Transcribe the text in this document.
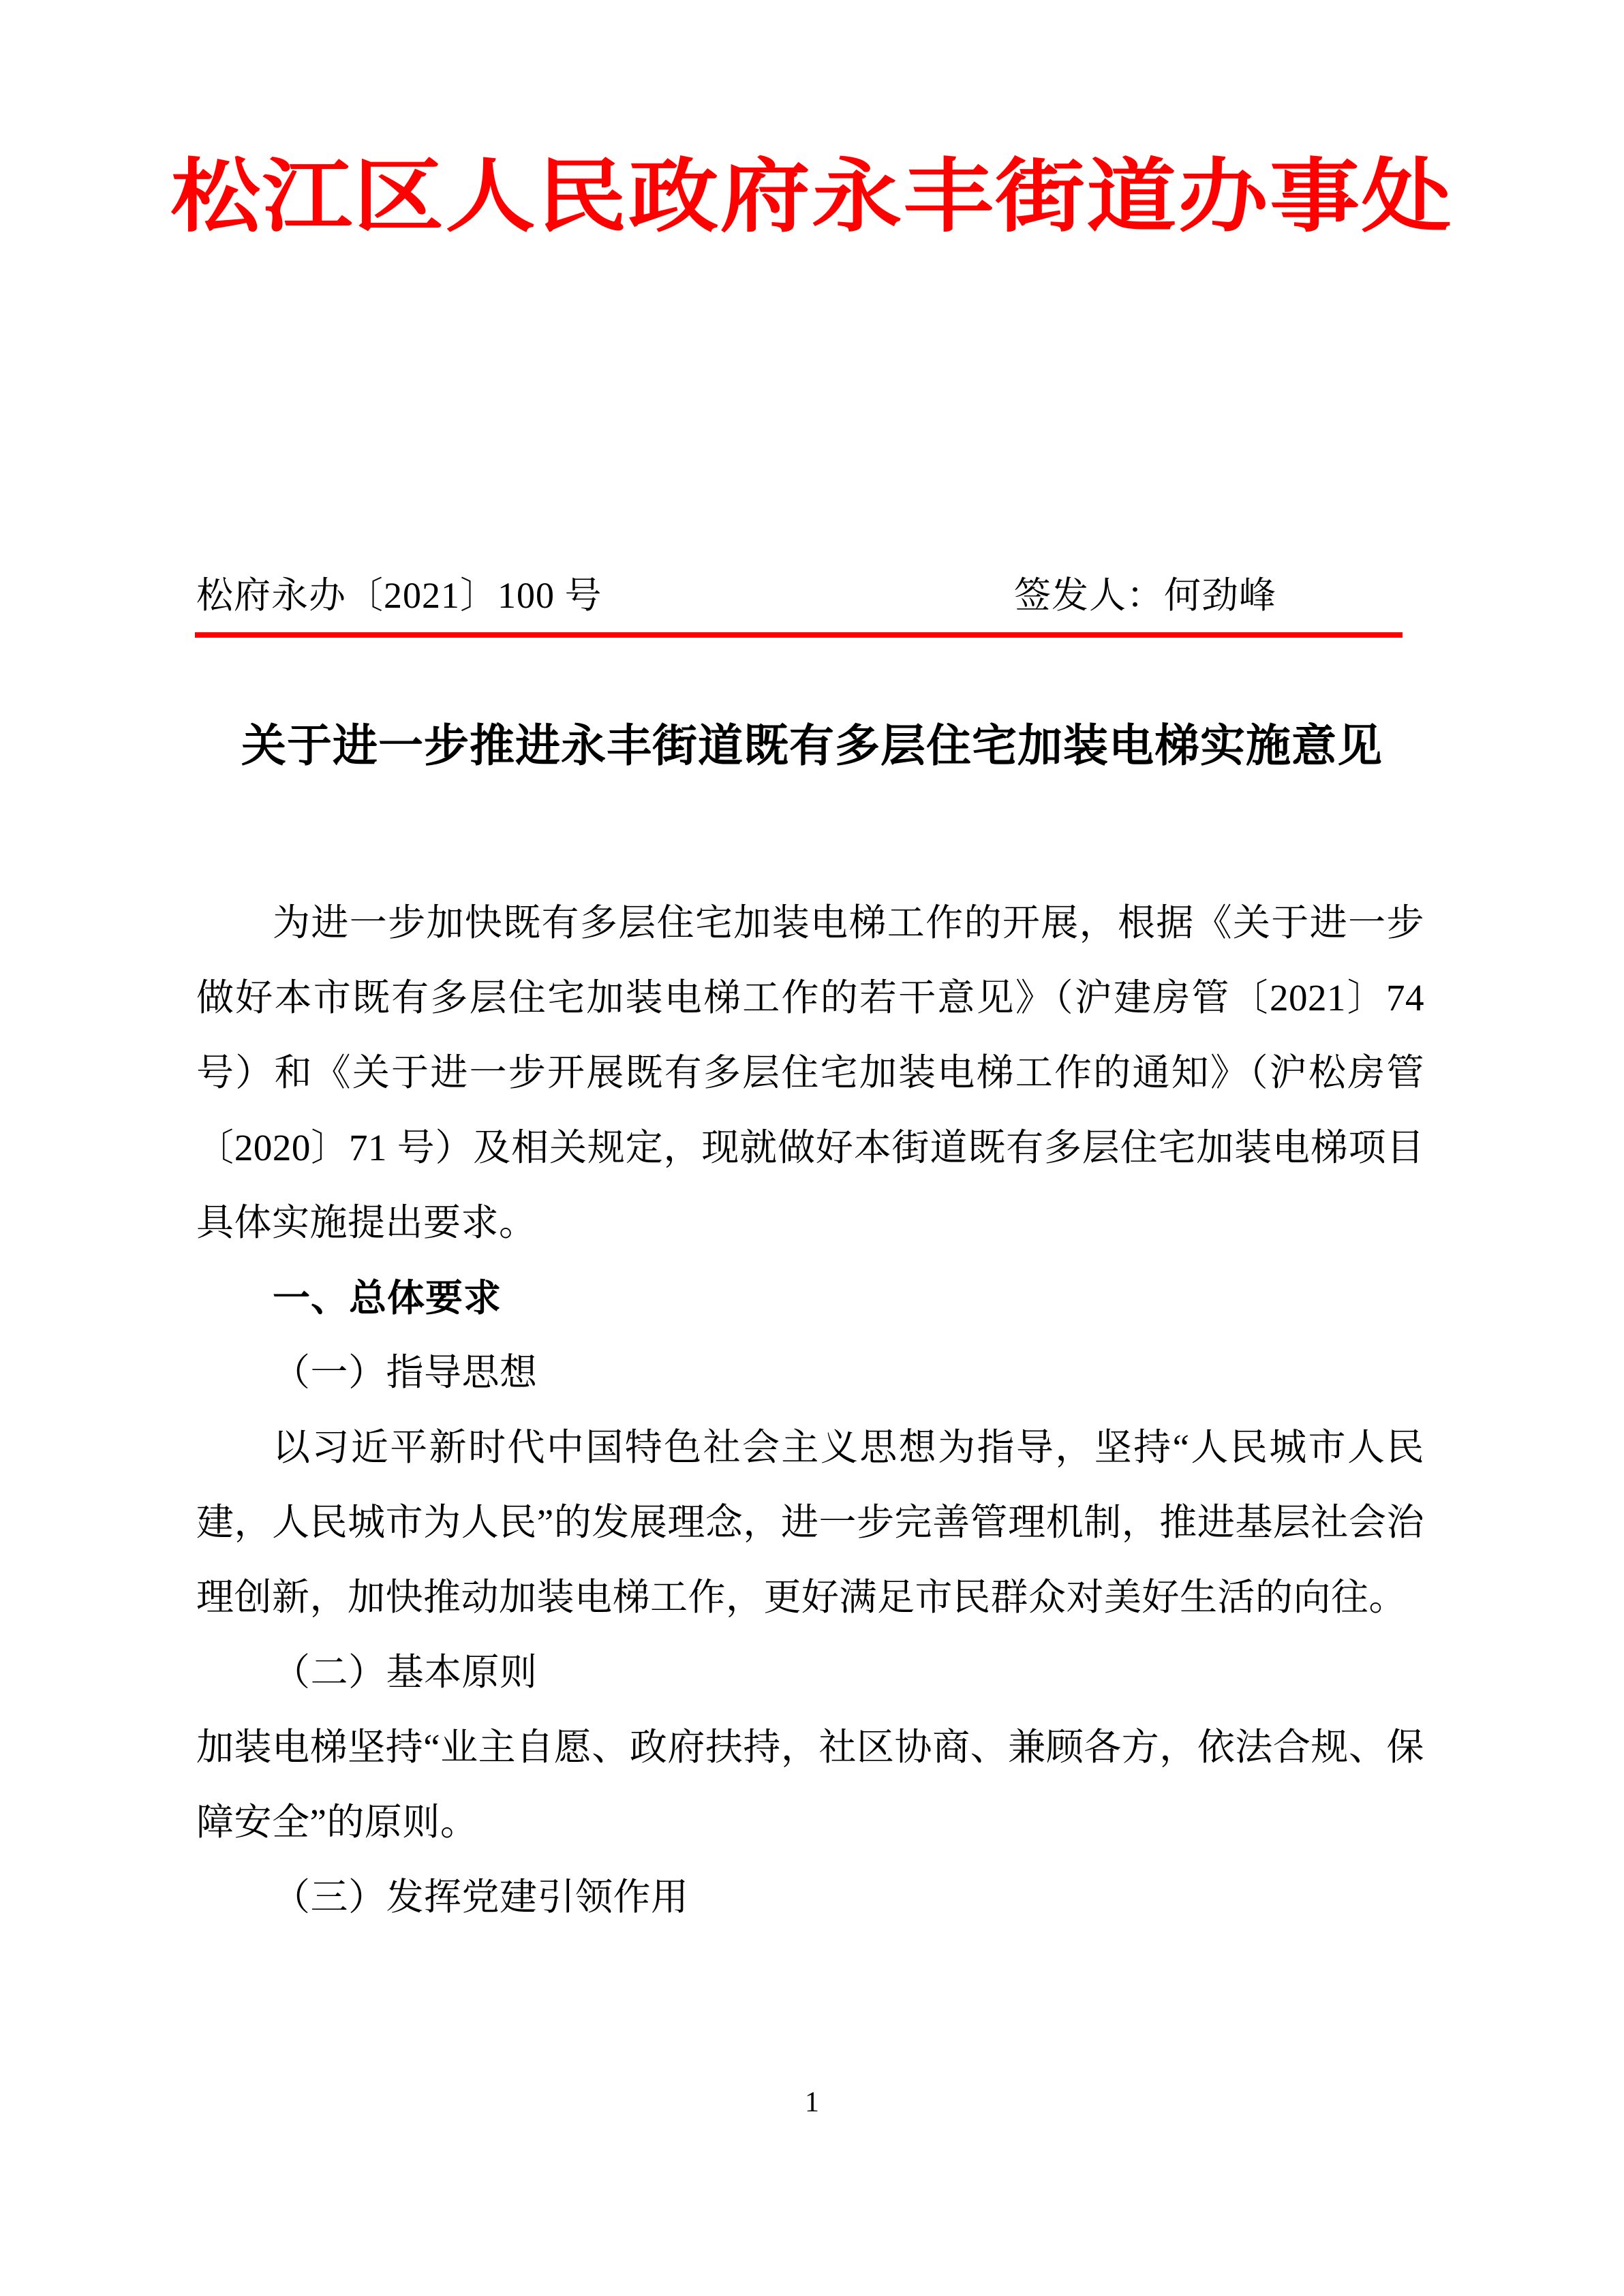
松江区人民政府永丰街道办事处
松府永办〔2021〕100 号	签发人：何劲峰
关于进一步推进永丰街道既有多层住宅加装电梯实施意见

为进一步加快既有多层住宅加装电梯工作的开展，根据《关于进一步做好本市既有多层住宅加装电梯工作的若干意见》（沪建房管〔2021〕74 号）和《关于进一步开展既有多层住宅加装电梯工作的通知》（沪松房管〔2020〕71 号）及相关规定，现就做好本街道既有多层住宅加装电梯项目具体实施提出要求。

一、总体要求

（一）指导思想

以习近平新时代中国特色社会主义思想为指导，坚持“人民城市人民建，人民城市为人民”的发展理念，进一步完善管理机制，推进基层社会治理创新，加快推动加装电梯工作，更好满足市民群众对美好生活的向往。

（二）基本原则

加装电梯坚持“业主自愿、政府扶持，社区协商、兼顾各方，依法合规、保障安全”的原则。

（三）发挥党建引领作用

1
